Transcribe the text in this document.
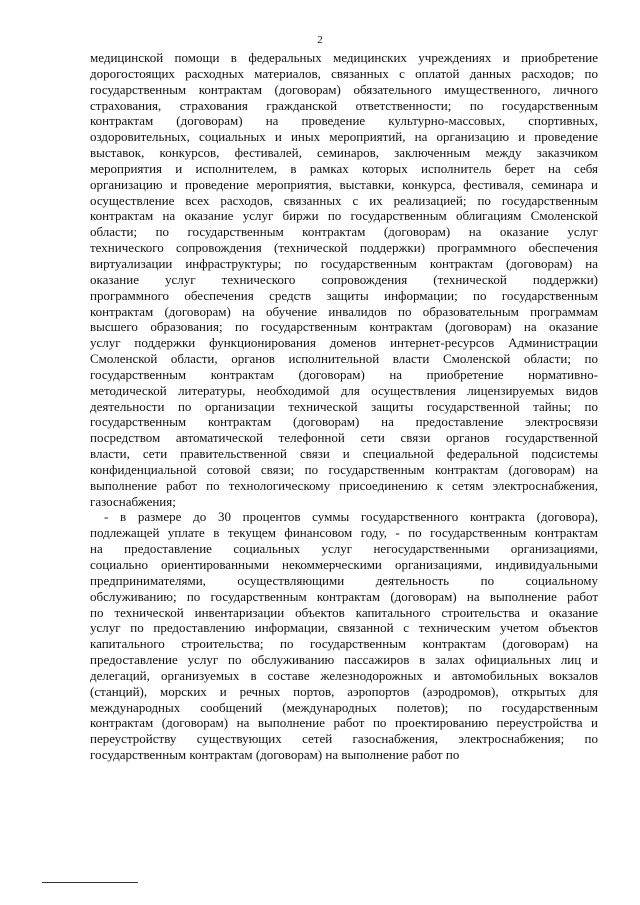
2

медицинской помощи в федеральных медицинских учреждениях и приобретение
дорогостоящих расходных материалов, связанных с оплатой данных расходов; по
государственным контрактам (договорам) обязательного имущественного, личного
страхования, страхования гражданской ответственности; по государственным
контрактам (договорам) на проведение культурно-массовых, спортивных,
оздоровительных, социальных и иных мероприятий, на организацию и проведение
выставок, конкурсов, фестивалей, семинаров, заключенным между заказчиком
мероприятия и исполнителем, в рамках которых исполнитель берет на себя
организацию и проведение мероприятия, выставки, конкурса, фестиваля, семинара и
осуществление всех расходов, связанных с их реализацией; по государственным
контрактам на оказание услуг биржи по государственным облигациям Смоленской
области; по государственным контрактам (договорам) на оказание услуг
технического сопровождения (технической поддержки) программного обеспечения
виртуализации инфраструктуры; по государственным контрактам (договорам) на
оказание услуг технического сопровождения (технической поддержки)
программного обеспечения средств защиты информации; по государственным
контрактам (договорам) на обучение инвалидов по образовательным программам
высшего образования; по государственным контрактам (договорам) на оказание
услуг поддержки функционирования доменов интернет-ресурсов Администрации
Смоленской области, органов исполнительной власти Смоленской области; по
государственным контрактам (договорам) на приобретение нормативно-
методической литературы, необходимой для осуществления лицензируемых видов
деятельности по организации технической защиты государственной тайны; по
государственным контрактам (договорам) на предоставление электросвязи
посредством автоматической телефонной сети связи органов государственной
власти, сети правительственной связи и специальной федеральной подсистемы
конфиденциальной сотовой связи; по государственным контрактам (договорам) на
выполнение работ по технологическому присоединению к сетям электроснабжения,
газоснабжения;

- в размере до 30 процентов суммы государственного контракта (договора),
подлежащей уплате в текущем финансовом году, - по государственным контрактам
на предоставление социальных услуг негосударственными организациями,
социально ориентированными некоммерческими организациями, индивидуальными
предпринимателями, осуществляющими деятельность по социальному
обслуживанию; по государственным контрактам (договорам) на выполнение работ
по технической инвентаризации объектов капитального строительства и оказание
услуг по предоставлению информации, связанной с техническим учетом объектов
капитального строительства; по государственным контрактам (договорам) на
предоставление услуг по обслуживанию пассажиров в залах официальных лиц и
делегаций, организуемых в составе железнодорожных и автомобильных вокзалов
(станций), морских и речных портов, аэропортов (аэродромов), открытых для
международных сообщений (международных полетов); по государственным
контрактам (договорам) на выполнение работ по проектированию переустройства и
переустройству существующих сетей газоснабжения, электроснабжения; по
государственным контрактам (договорам) на выполнение работ по
